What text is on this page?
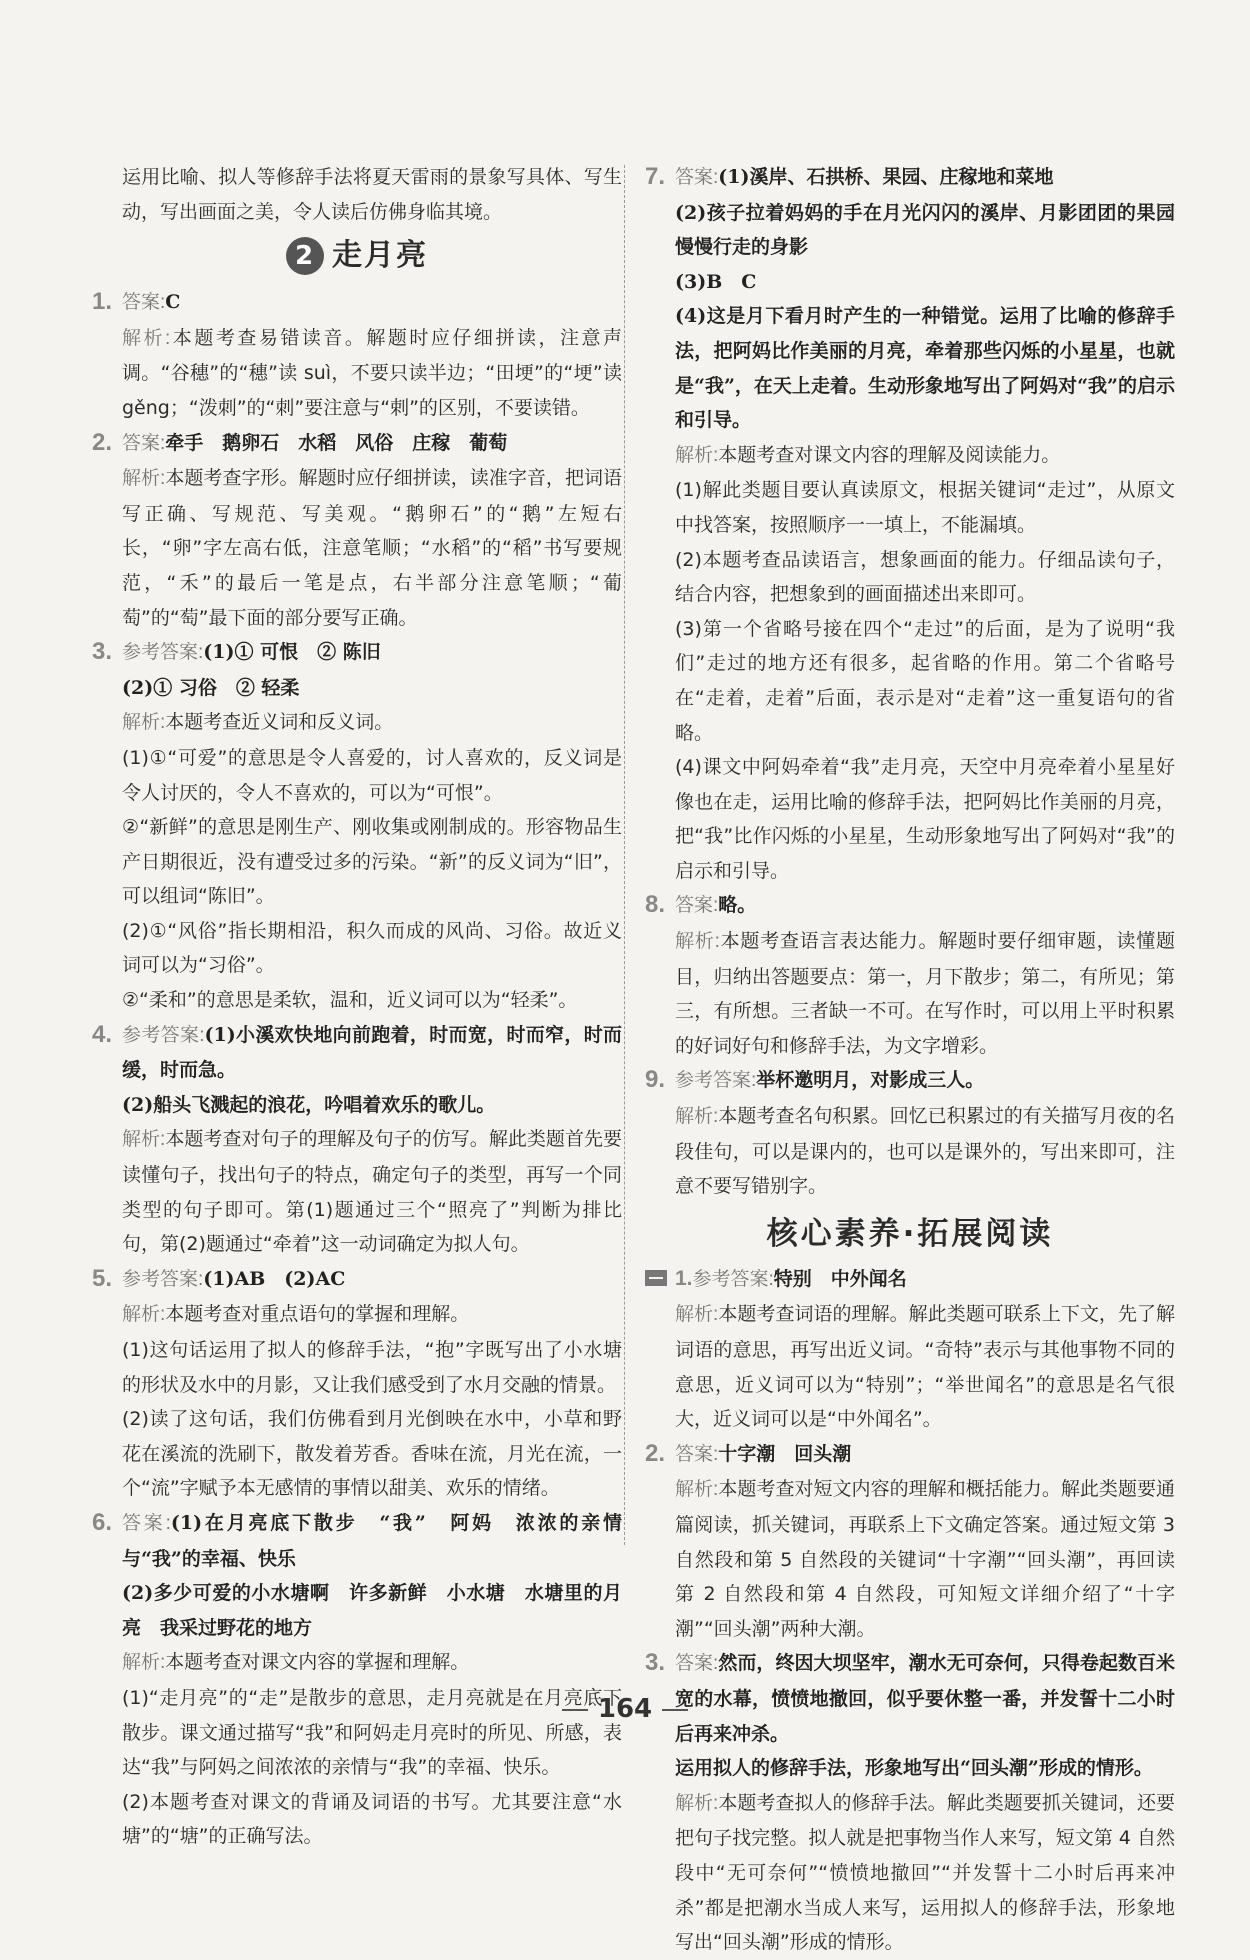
运用比喻、拟人等修辞手法将夏天雷雨的景象写具体、写生动，写出画面之美，令人读后仿佛身临其境。
2 走月亮
1. 答案:C
解析:本题考查易错读音。解题时应仔细拼读，注意声调。“谷穗”的“穗”读 suì，不要只读半边；“田埂”的“埂”读 gěng；“泼刺”的“刺”要注意与“剌”的区别，不要读错。
2. 答案:牵手　鹅卵石　水稻　风俗　庄稼　葡萄
解析:本题考查字形。解题时应仔细拼读，读准字音，把词语写正确、写规范、写美观。“鹅卵石”的“鹅”左短右长，“卵”字左高右低，注意笔顺；“水稻”的“稻”书写要规范，“禾”的最后一笔是点，右半部分注意笔顺；“葡萄”的“萄”最下面的部分要写正确。
3. 参考答案:(1)① 可恨　② 陈旧
(2)① 习俗　② 轻柔
解析:本题考查近义词和反义词。
(1)①“可爱”的意思是令人喜爱的，讨人喜欢的，反义词是令人讨厌的，令人不喜欢的，可以为“可恨”。
②“新鲜”的意思是刚生产、刚收集或刚制成的。形容物品生产日期很近，没有遭受过多的污染。“新”的反义词为“旧”，可以组词“陈旧”。
(2)①“风俗”指长期相沿，积久而成的风尚、习俗。故近义词可以为“习俗”。
②“柔和”的意思是柔软，温和，近义词可以为“轻柔”。
4. 参考答案:(1)小溪欢快地向前跑着，时而宽，时而窄，时而缓，时而急。
(2)船头飞溅起的浪花，吟唱着欢乐的歌儿。
解析:本题考查对句子的理解及句子的仿写。解此类题首先要读懂句子，找出句子的特点，确定句子的类型，再写一个同类型的句子即可。第(1)题通过三个“照亮了”判断为排比句，第(2)题通过“牵着”这一动词确定为拟人句。
5. 参考答案:(1)AB　(2)AC
解析:本题考查对重点语句的掌握和理解。
(1)这句话运用了拟人的修辞手法，“抱”字既写出了小水塘的形状及水中的月影，又让我们感受到了水月交融的情景。
(2)读了这句话，我们仿佛看到月光倒映在水中，小草和野花在溪流的洗刷下，散发着芳香。香味在流，月光在流，一个“流”字赋予本无感情的事情以甜美、欢乐的情绪。
6. 答案:(1)在月亮底下散步　“我”　阿妈　浓浓的亲情与“我”的幸福、快乐
(2)多少可爱的小水塘啊　许多新鲜　小水塘　水塘里的月亮　我采过野花的地方
解析:本题考查对课文内容的掌握和理解。
(1)“走月亮”的“走”是散步的意思，走月亮就是在月亮底下散步。课文通过描写“我”和阿妈走月亮时的所见、所感，表达“我”与阿妈之间浓浓的亲情与“我”的幸福、快乐。
(2)本题考查对课文的背诵及词语的书写。尤其要注意“水塘”的“塘”的正确写法。
7. 答案:(1)溪岸、石拱桥、果园、庄稼地和菜地
(2)孩子拉着妈妈的手在月光闪闪的溪岸、月影团团的果园慢慢行走的身影
(3)B　C
(4)这是月下看月时产生的一种错觉。运用了比喻的修辞手法，把阿妈比作美丽的月亮，牵着那些闪烁的小星星，也就是“我”，在天上走着。生动形象地写出了阿妈对“我”的启示和引导。
解析:本题考查对课文内容的理解及阅读能力。
(1)解此类题目要认真读原文，根据关键词“走过”，从原文中找答案，按照顺序一一填上，不能漏填。
(2)本题考查品读语言，想象画面的能力。仔细品读句子，结合内容，把想象到的画面描述出来即可。
(3)第一个省略号接在四个“走过”的后面，是为了说明“我们”走过的地方还有很多，起省略的作用。第二个省略号在“走着，走着”后面，表示是对“走着”这一重复语句的省略。
(4)课文中阿妈牵着“我”走月亮，天空中月亮牵着小星星好像也在走，运用比喻的修辞手法，把阿妈比作美丽的月亮，把“我”比作闪烁的小星星，生动形象地写出了阿妈对“我”的启示和引导。
8. 答案:略。
解析:本题考查语言表达能力。解题时要仔细审题，读懂题目，归纳出答题要点：第一，月下散步；第二，有所见；第三，有所想。三者缺一不可。在写作时，可以用上平时积累的好词好句和修辞手法，为文字增彩。
9. 参考答案:举杯邀明月，对影成三人。
解析:本题考查名句积累。回忆已积累过的有关描写月夜的名段佳句，可以是课内的，也可以是课外的，写出来即可，注意不要写错别字。
核心素养·拓展阅读
1.参考答案:特别　中外闻名
解析:本题考查词语的理解。解此类题可联系上下文，先了解词语的意思，再写出近义词。“奇特”表示与其他事物不同的意思，近义词可以为“特别”；“举世闻名”的意思是名气很大，近义词可以是“中外闻名”。
2. 答案:十字潮　回头潮
解析:本题考查对短文内容的理解和概括能力。解此类题要通篇阅读，抓关键词，再联系上下文确定答案。通过短文第 3 自然段和第 5 自然段的关键词“十字潮”“回头潮”，再回读第 2 自然段和第 4 自然段，可知短文详细介绍了“十字潮”“回头潮”两种大潮。
3. 答案:然而，终因大坝坚牢，潮水无可奈何，只得卷起数百米宽的水幕，愤愤地撤回，似乎要休整一番，并发誓十二小时后再来冲杀。
运用拟人的修辞手法，形象地写出“回头潮”形成的情形。
解析:本题考查拟人的修辞手法。解此类题要抓关键词，还要把句子找完整。拟人就是把事物当作人来写，短文第 4 自然段中“无可奈何”“愤愤地撤回”“并发誓十二小时后再来冲杀”都是把潮水当成人来写，运用拟人的修辞手法，形象地写出“回头潮”形成的情形。
164
